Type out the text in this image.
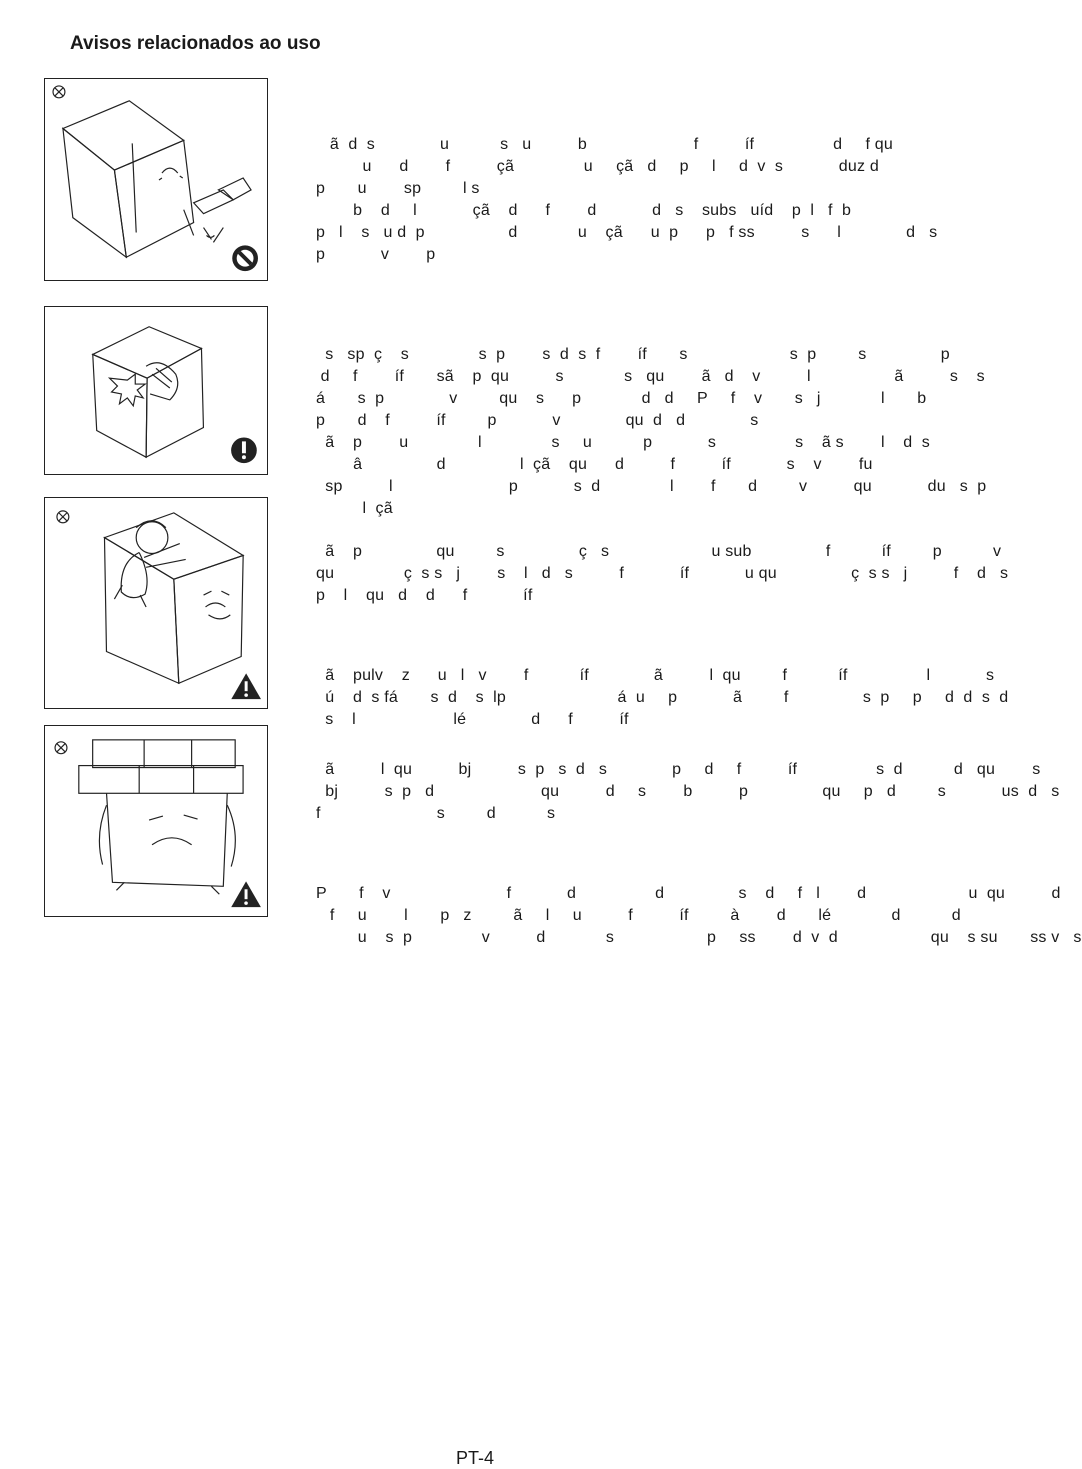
Avisos relacionados ao uso

ã  d  s              u           s   u          b                       f          íf                 d     f qu
u      d        f          çã               u     çã   d     p     l     d  v  s            duz d
p       u        sp         l s
b    d     l            çã    d      f        d            d   s    subs   uíd    p  l   f  b
p   l    s   u d  p                  d             u    çã      u  p      p   f ss          s      l              d   s
p            v        p

s   sp  ç    s               s  p        s  d  s  f        íf       s                      s  p         s                p
d     f        íf       sã    p  qu          s             s   qu        ã   d    v          l                  ã          s    s
á       s  p              v         qu    s      p             d   d     P     f    v       s   j             l       b
p       d    f          íf         p            v              qu  d   d              s
ã    p        u               l               s     u           p            s                 s    ã s        l    d  s
â                d                l  çã    qu      d          f          íf            s    v        fu
sp          l                         p            s  d               l        f       d         v          qu            du   s  p
l  çã

ã    p                qu         s                ç   s                      u sub                f           íf         p           v
qu               ç  s s   j        s    l   d   s          f            íf            u qu                ç  s s   j          f    d   s
p    l    qu   d    d      f            íf

ã    pulv    z      u   l   v        f           íf              ã          l  qu         f           íf                 l            s
ú    d  s fá       s  d    s  lp                        á  u     p            ã         f                s  p     p     d  d  s  d
s    l                     lé              d      f          íf

ã          l  qu          bj          s  p   s  d   s              p     d     f          íf                 s  d           d   qu        s
bj          s  p   d                       qu          d     s        b          p                qu     p   d         s            us  d   s
f                         s         d           s

P       f    v                         f            d                 d                s    d     f   l        d                      u  qu          d
f     u        l       p   z         ã     l     u          f          íf         à        d       lé             d           d
u    s  p               v          d             s                    p     ss        d  v  d                    qu    s su       ss v   s

PT-4
